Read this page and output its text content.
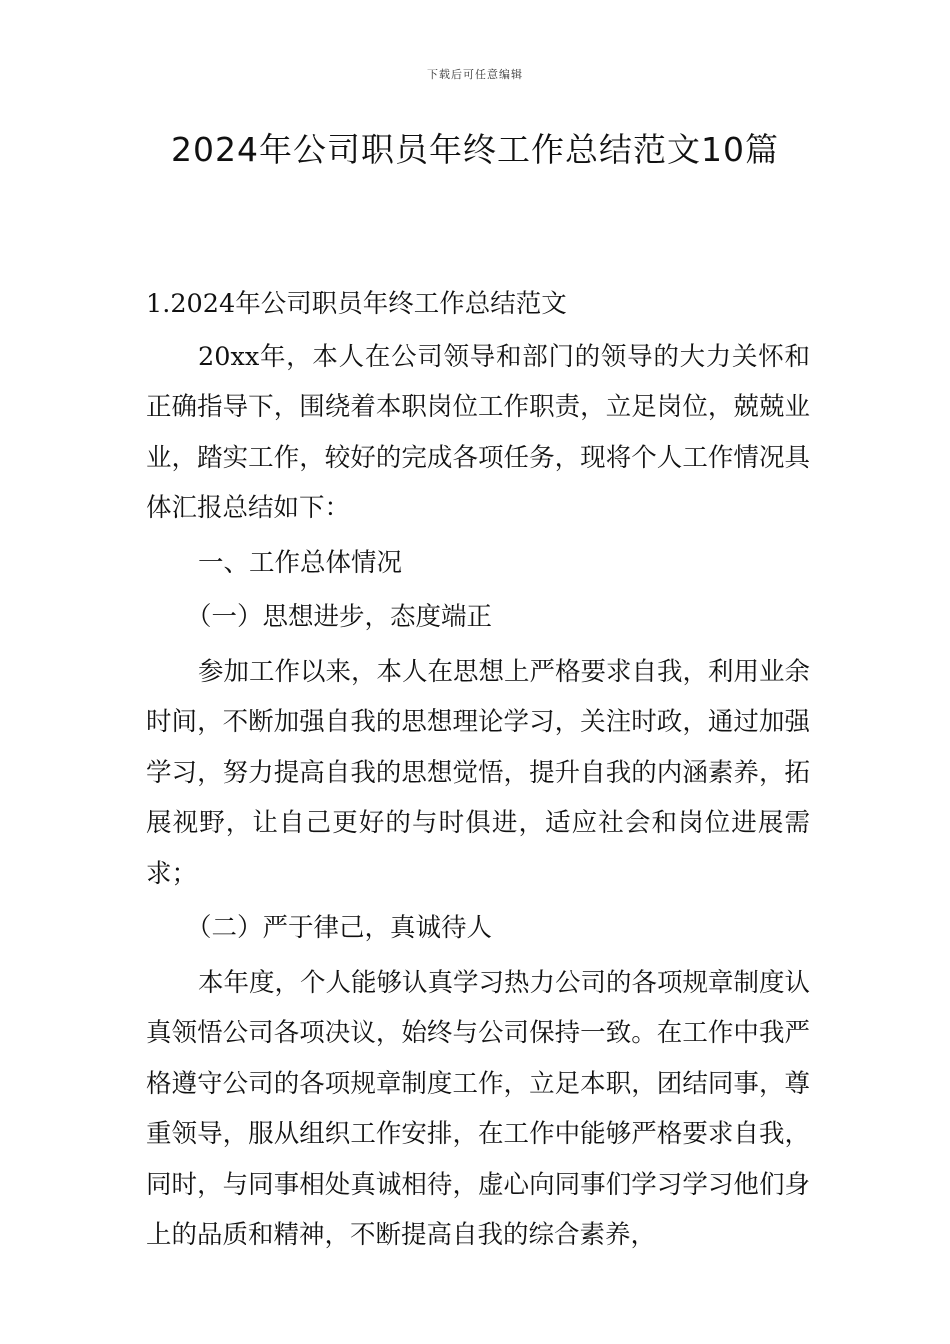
下载后可任意编辑
2024年公司职员年终工作总结范文10篇

1.2024年公司职员年终工作总结范文

20xx年，本人在公司领导和部门的领导的大力关怀和正确指导下，围绕着本职岗位工作职责，立足岗位，兢兢业业，踏实工作，较好的完成各项任务，现将个人工作情况具体汇报总结如下：

一、工作总体情况

（一）思想进步，态度端正

参加工作以来，本人在思想上严格要求自我，利用业余时间，不断加强自我的思想理论学习，关注时政，通过加强学习，努力提高自我的思想觉悟，提升自我的内涵素养，拓展视野，让自己更好的与时俱进，适应社会和岗位进展需求；

（二）严于律己，真诚待人

本年度，个人能够认真学习热力公司的各项规章制度认真领悟公司各项决议，始终与公司保持一致。在工作中我严格遵守公司的各项规章制度工作，立足本职，团结同事，尊重领导，服从组织工作安排，在工作中能够严格要求自我，同时，与同事相处真诚相待，虚心向同事们学习学习他们身上的品质和精神，不断提高自我的综合素养，
